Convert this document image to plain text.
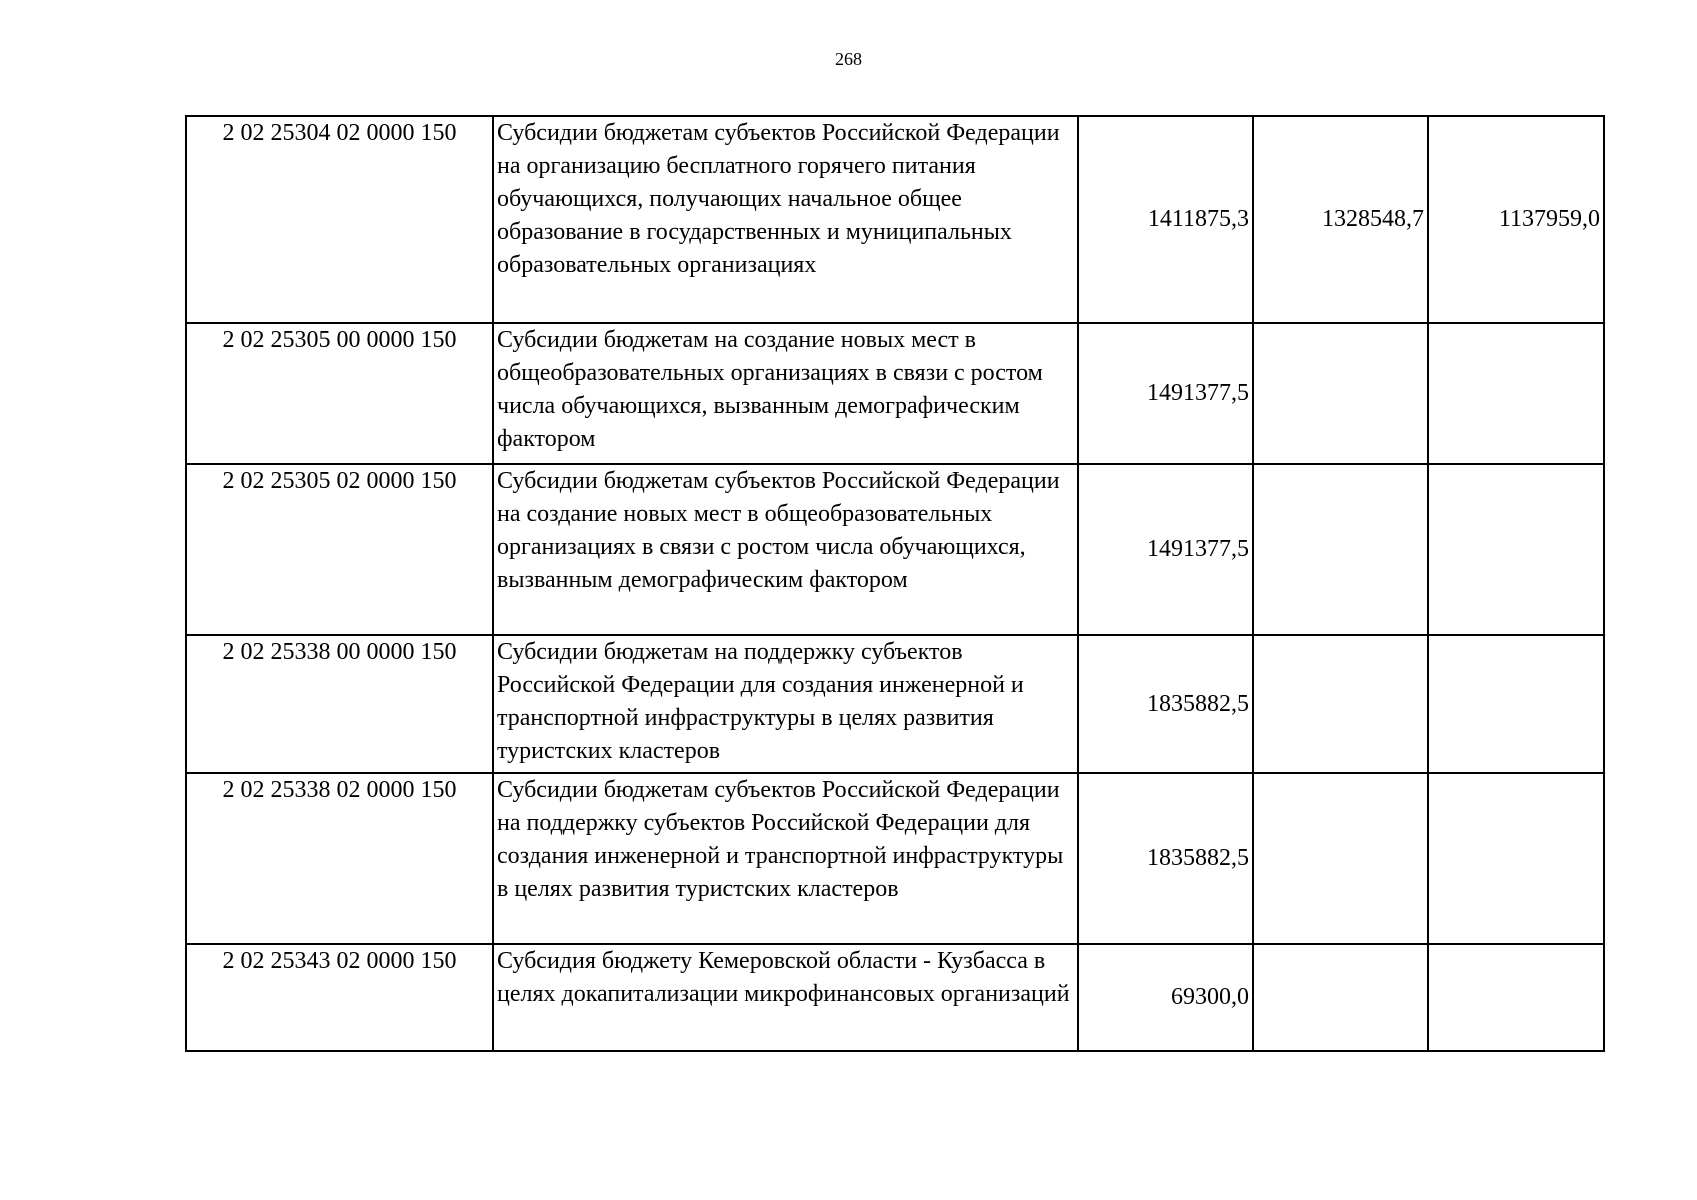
268
2 02 25304 02 0000 150	Субсидии бюджетам субъектов Российской Федерации на организацию бесплатного горячего питания обучающихся, получающих начальное общее образование в государственных и муниципальных образовательных организациях	1411875,3	1328548,7	1137959,0
2 02 25305 00 0000 150	Субсидии бюджетам на создание новых мест в общеобразовательных организациях в связи с ростом числа обучающихся, вызванным демографическим фактором	1491377,5		
2 02 25305 02 0000 150	Субсидии бюджетам субъектов Российской Федерации на создание новых мест в общеобразовательных организациях в связи с ростом числа обучающихся, вызванным демографическим фактором	1491377,5		
2 02 25338 00 0000 150	Субсидии бюджетам на поддержку субъектов Российской Федерации для создания инженерной и транспортной инфраструктуры в целях развития туристских кластеров	1835882,5		
2 02 25338 02 0000 150	Субсидии бюджетам субъектов Российской Федерации на поддержку субъектов Российской Федерации для создания инженерной и транспортной инфраструктуры в целях развития туристских кластеров	1835882,5		
2 02 25343 02 0000 150	Субсидия бюджету Кемеровской области - Кузбасса в целях докапитализации микрофинансовых организаций	69300,0		
